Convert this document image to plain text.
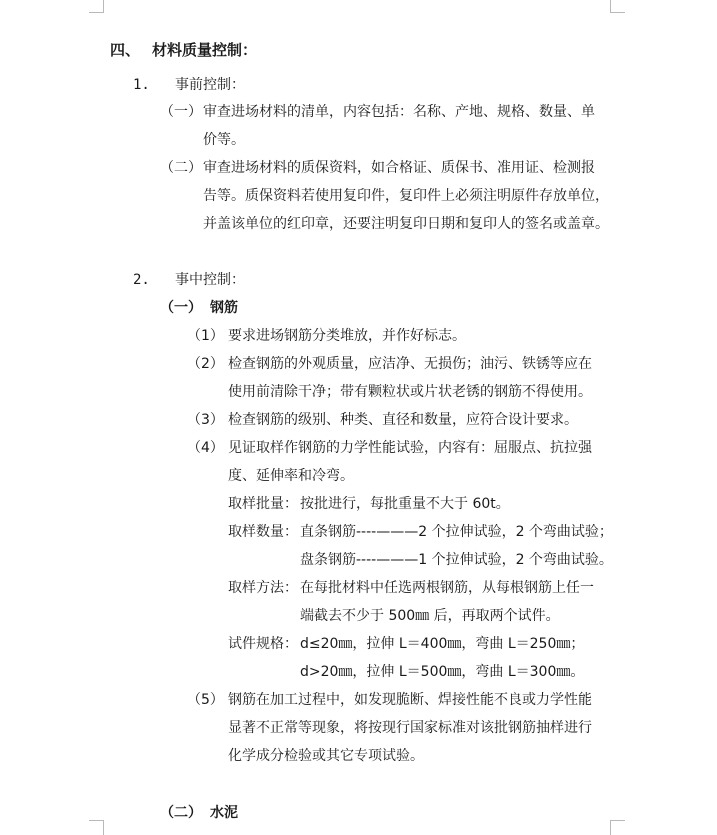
四、 材料质量控制：
1. 事前控制：
（一） 审查进场材料的清单，内容包括：名称、产地、规格、数量、单
价等。
（二） 审查进场材料的质保资料，如合格证、质保书、准用证、检测报
告等。质保资料若使用复印件，复印件上必须注明原件存放单位，
并盖该单位的红印章，还要注明复印日期和复印人的签名或盖章。
2. 事中控制：
（一） 钢筋
（1） 要求进场钢筋分类堆放，并作好标志。
（2） 检查钢筋的外观质量，应洁净、无损伤；油污、铁锈等应在
使用前清除干净；带有颗粒状或片状老锈的钢筋不得使用。
（3） 检查钢筋的级别、种类、直径和数量，应符合设计要求。
（4） 见证取样作钢筋的力学性能试验，内容有：屈服点、抗拉强
度、延伸率和冷弯。
取样批量： 按批进行，每批重量不大于 60t。
取样数量： 直条钢筋----———2 个拉伸试验，2 个弯曲试验；
盘条钢筋----———1 个拉伸试验，2 个弯曲试验。
取样方法： 在每批材料中任选两根钢筋，从每根钢筋上任一
端截去不少于 500㎜ 后，再取两个试件。
试件规格： d≤20㎜，拉伸 L＝400㎜，弯曲 L＝250㎜；
d>20㎜，拉伸 L＝500㎜，弯曲 L＝300㎜。
（5） 钢筋在加工过程中，如发现脆断、焊接性能不良或力学性能
显著不正常等现象，将按现行国家标准对该批钢筋抽样进行
化学成分检验或其它专项试验。
（二） 水泥
